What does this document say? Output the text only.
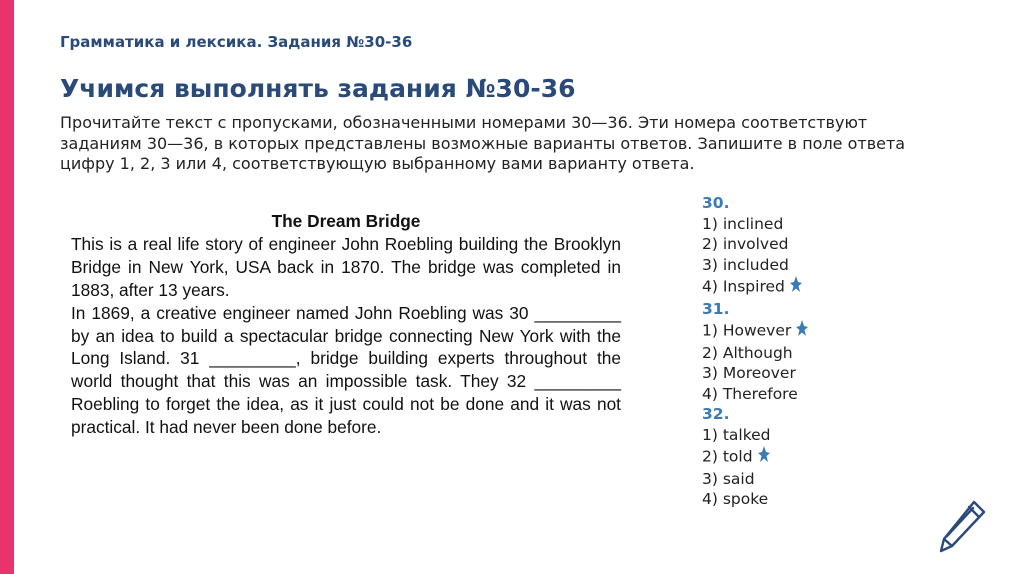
Грамматика и лексика. Задания №30-36
Учимся выполнять задания №30-36
Прочитайте текст с пропусками, обозначенными номерами 30—36. Эти номера соответствуют
заданиям 30—36, в которых представлены возможные варианты ответов. Запишите в поле ответа
цифру 1, 2, 3 или 4, соответствующую выбранному вами варианту ответа.
The Dream Bridge

This is a real life story of engineer John Roebling building the Brooklyn Bridge in New York, USA back in 1870. The bridge was completed in 1883, after 13 years.

In 1869, a creative engineer named John Roebling was 30 _________ by an idea to build a spectacular bridge connecting New York with the Long Island. 31 _________, bridge building experts throughout the world thought that this was an impossible task. They 32 _________ Roebling to forget the idea, as it just could not be done and it was not practical. It had never been done before.

30.
1) inclined
2) involved
3) included
4) Inspired
31.
1) However
2) Although
3) Moreover
4) Therefore
32.
1) talked
2) told
3) said
4) spoke
